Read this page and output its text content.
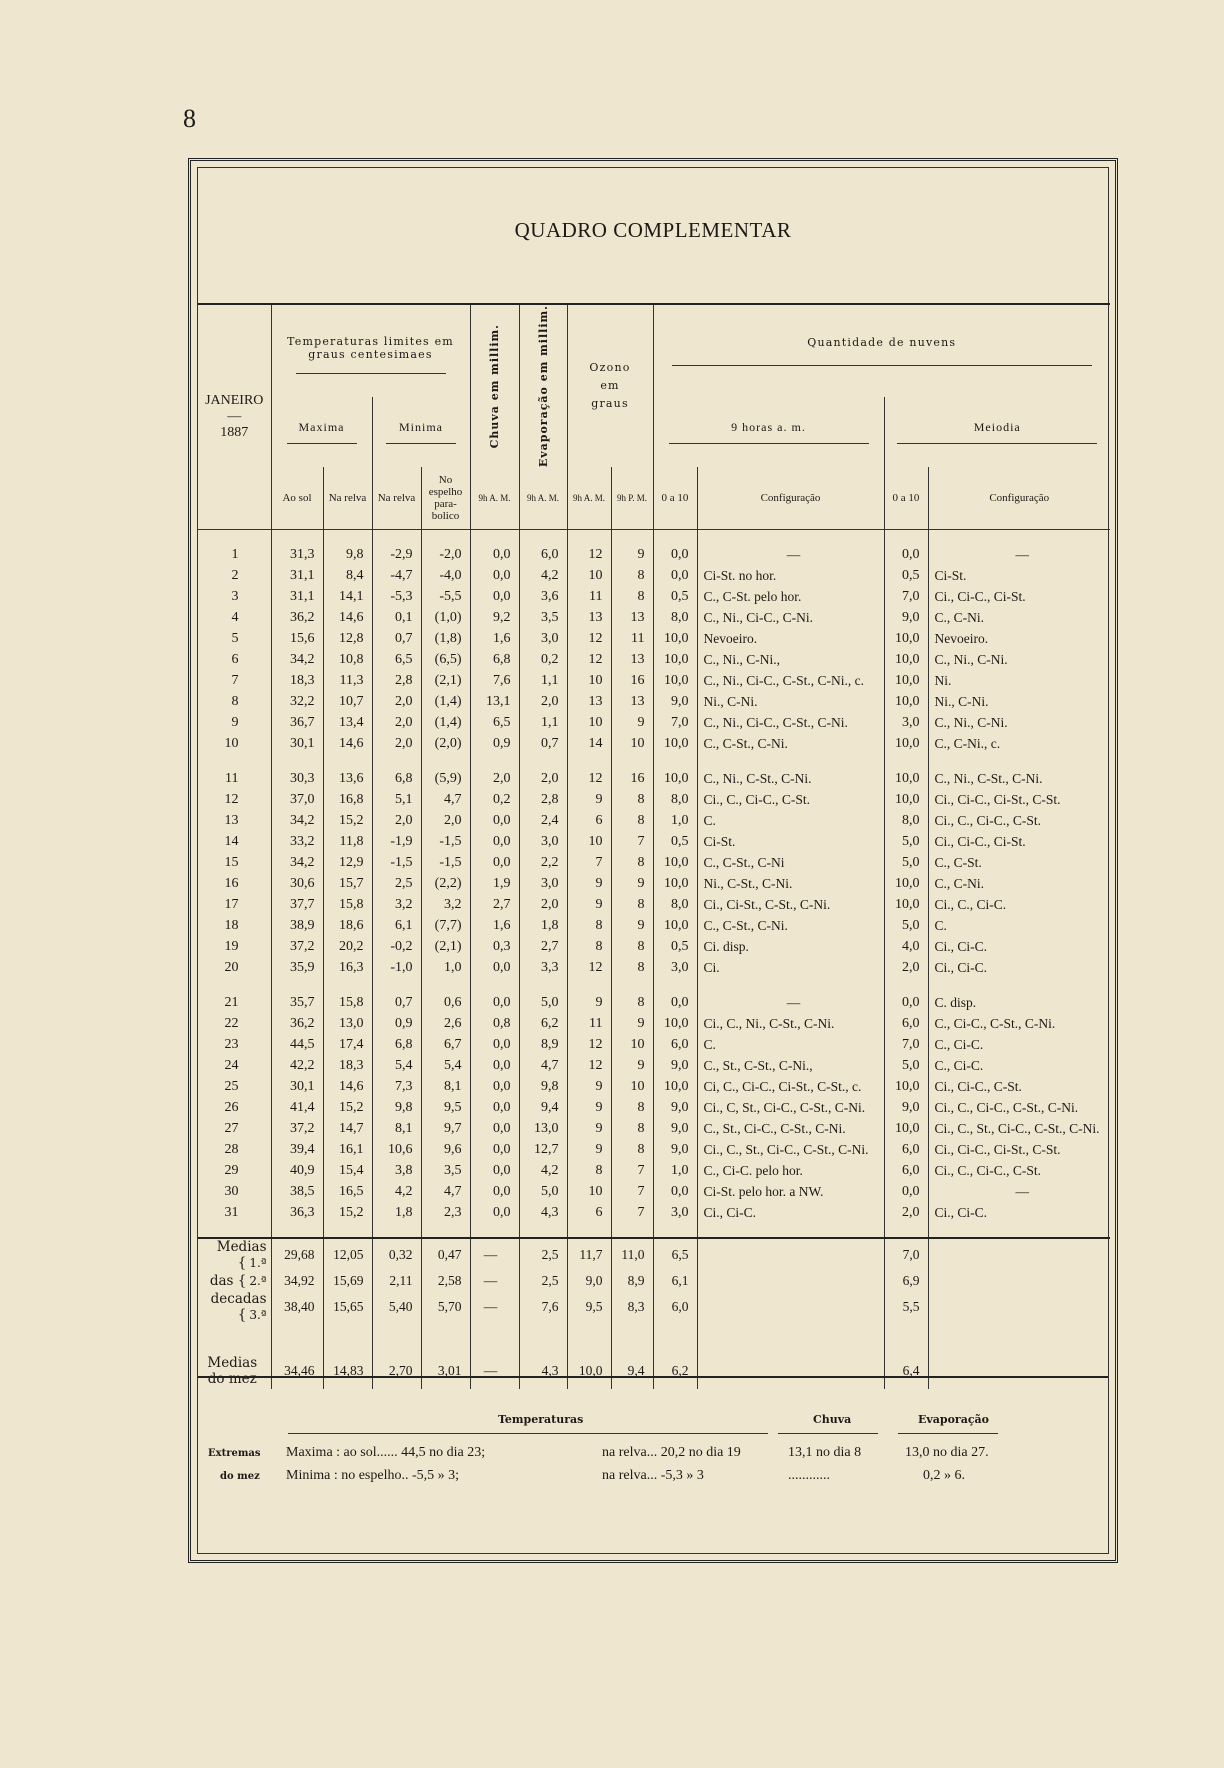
8
QUADRO COMPLEMENTAR
JANEIRO
—
1887	Temperaturas limites em graus centesimaes				Chuva em millim.	Evaporação em millim.	Ozono em graus		Quantidade de nuvens			

	Maxima		Minima						9 horas a. m.		Meiodia	

	Ao sol	Na relva	Na relva	No espelho para-bolico	9h A. M.	9h A. M.	9h A. M.	9h P. M.	0 a 10	Configuração	0 a 10	Configuração

1	31,3	9,8	-2,9	-2,0	0,0	6,0	12	9	0,0	—	0,0	—
2	31,1	8,4	-4,7	-4,0	0,0	4,2	10	8	0,0	Ci-St. no hor.	0,5	Ci-St.
3	31,1	14,1	-5,3	-5,5	0,0	3,6	11	8	0,5	C., C-St. pelo hor.	7,0	Ci., Ci-C., Ci-St.
4	36,2	14,6	0,1	(1,0)	9,2	3,5	13	13	8,0	C., Ni., Ci-C., C-Ni.	9,0	C., C-Ni.
5	15,6	12,8	0,7	(1,8)	1,6	3,0	12	11	10,0	Nevoeiro.	10,0	Nevoeiro.
6	34,2	10,8	6,5	(6,5)	6,8	0,2	12	13	10,0	C., Ni., C-Ni.,	10,0	C., Ni., C-Ni.
7	18,3	11,3	2,8	(2,1)	7,6	1,1	10	16	10,0	C., Ni., Ci-C., C-St., C-Ni., c.	10,0	Ni.
8	32,2	10,7	2,0	(1,4)	13,1	2,0	13	13	9,0	Ni., C-Ni.	10,0	Ni., C-Ni.
9	36,7	13,4	2,0	(1,4)	6,5	1,1	10	9	7,0	C., Ni., Ci-C., C-St., C-Ni.	3,0	C., Ni., C-Ni.
10	30,1	14,6	2,0	(2,0)	0,9	0,7	14	10	10,0	C., C-St., C-Ni.	10,0	C., C-Ni., c.

11	30,3	13,6	6,8	(5,9)	2,0	2,0	12	16	10,0	C., Ni., C-St., C-Ni.	10,0	C., Ni., C-St., C-Ni.
12	37,0	16,8	5,1	4,7	0,2	2,8	9	8	8,0	Ci., C., Ci-C., C-St.	10,0	Ci., Ci-C., Ci-St., C-St.
13	34,2	15,2	2,0	2,0	0,0	2,4	6	8	1,0	C.	8,0	Ci., C., Ci-C., C-St.
14	33,2	11,8	-1,9	-1,5	0,0	3,0	10	7	0,5	Ci-St.	5,0	Ci., Ci-C., Ci-St.
15	34,2	12,9	-1,5	-1,5	0,0	2,2	7	8	10,0	C., C-St., C-Ni	5,0	C., C-St.
16	30,6	15,7	2,5	(2,2)	1,9	3,0	9	9	10,0	Ni., C-St., C-Ni.	10,0	C., C-Ni.
17	37,7	15,8	3,2	3,2	2,7	2,0	9	8	8,0	Ci., Ci-St., C-St., C-Ni.	10,0	Ci., C., Ci-C.
18	38,9	18,6	6,1	(7,7)	1,6	1,8	8	9	10,0	C., C-St., C-Ni.	5,0	C.
19	37,2	20,2	-0,2	(2,1)	0,3	2,7	8	8	0,5	Ci. disp.	4,0	Ci., Ci-C.
20	35,9	16,3	-1,0	1,0	0,0	3,3	12	8	3,0	Ci.	2,0	Ci., Ci-C.

21	35,7	15,8	0,7	0,6	0,0	5,0	9	8	0,0	—	0,0	C. disp.
22	36,2	13,0	0,9	2,6	0,8	6,2	11	9	10,0	Ci., C., Ni., C-St., C-Ni.	6,0	C., Ci-C., C-St., C-Ni.
23	44,5	17,4	6,8	6,7	0,0	8,9	12	10	6,0	C.	7,0	C., Ci-C.
24	42,2	18,3	5,4	5,4	0,0	4,7	12	9	9,0	C., St., C-St., C-Ni.,	5,0	C., Ci-C.
25	30,1	14,6	7,3	8,1	0,0	9,8	9	10	10,0	Ci, C., Ci-C., Ci-St., C-St., c.	10,0	Ci., Ci-C., C-St.
26	41,4	15,2	9,8	9,5	0,0	9,4	9	8	9,0	Ci., C, St., Ci-C., C-St., C-Ni.	9,0	Ci., C., Ci-C., C-St., C-Ni.
27	37,2	14,7	8,1	9,7	0,0	13,0	9	8	9,0	C., St., Ci-C., C-St., C-Ni.	10,0	Ci., C., St., Ci-C., C-St., C-Ni.
28	39,4	16,1	10,6	9,6	0,0	12,7	9	8	9,0	Ci., C., St., Ci-C., C-St., C-Ni.	6,0	Ci., Ci-C., Ci-St., C-St.
29	40,9	15,4	3,8	3,5	0,0	4,2	8	7	1,0	C., Ci-C. pelo hor.	6,0	Ci., C., Ci-C., C-St.
30	38,5	16,5	4,2	4,7	0,0	5,0	10	7	0,0	Ci-St. pelo hor. a NW.	0,0	—
31	36,3	15,2	1,8	2,3	0,0	4,3	6	7	3,0	Ci., Ci-C.	2,0	Ci., Ci-C.

Medias { 1.ª	29,68	12,05	0,32	0,47	—	2,5	11,7	11,0	6,5		7,0	
das { 2.ª	34,92	15,69	2,11	2,58	—	2,5	9,0	8,9	6,1		6,9	
decadas { 3.ª	38,40	15,65	5,40	5,70	—	7,6	9,5	8,3	6,0		5,5	

Medias
do mez	34,46	14,83	2,70	3,01	—	4,3	10,0	9,4	6,2		6,4	
Temperaturas	Chuva	Evaporação
Extremas
do mez
Maxima : ao sol...... 44,5 no dia 23;	na relva... 20,2 no dia 19	13,1 no dia 8	13,0 no dia 27.
Minima : no espelho.. -5,5 » 3;	na relva... -5,3 » 3	............	0,2 » 6.
